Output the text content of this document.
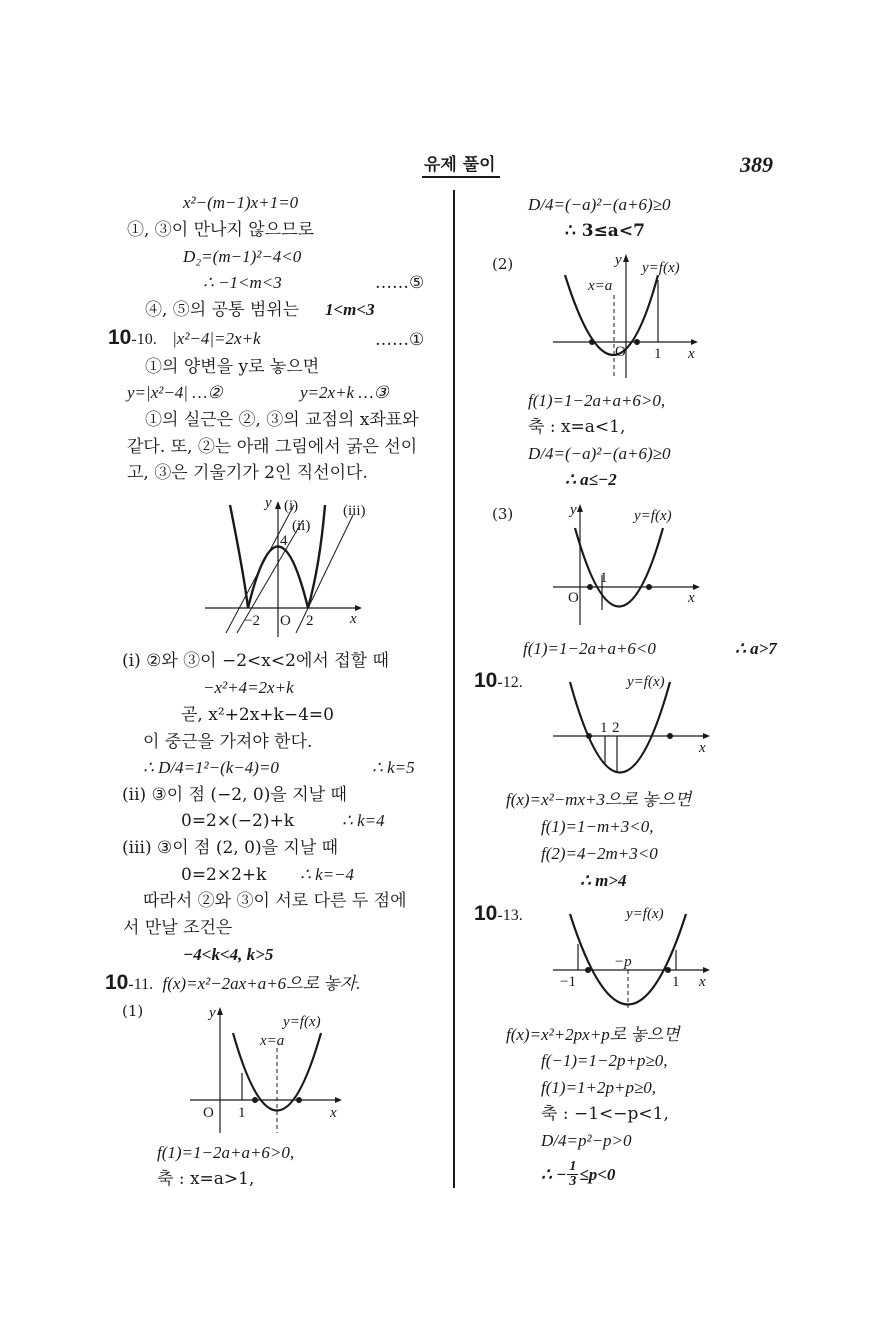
유제 풀이	389
x²−(m−1)x+1=0
①, ③이 만나지 않으므로
D₂=(m−1)²−4<0
∴ −1<m<3	……⑤
④, ⑤의 공통 범위는 1<m<3
10-10. |x²−4|=2x+k	……①
①의 양변을 y로 놓으면
y=|x²−4| …②	y=2x+k …③
①의 실근은 ②, ③의 교점의 x좌표와
같다. 또, ②는 아래 그림에서 굵은 선이
고, ③은 기울기가 2인 직선이다.
y (i)
(ii)
(iii)
4
−2 O 2 x
(i) ②와 ③이 −2<x<2에서 접할 때
−x²+4=2x+k
곧, x²+2x+k−4=0
이 중근을 가져야 한다.
∴ D/4=1²−(k−4)=0	∴ k=5
(ii) ③이 점 (−2, 0)을 지날 때
0=2×(−2)+k	∴ k=4
(iii) ③이 점 (2, 0)을 지날 때
0=2×2+k ∴ k=−4
따라서 ②와 ③이 서로 다른 두 점에
서 만날 조건은
−4<k<4, k>5
10-11. f(x)=x²−2ax+a+6으로 놓자.
(1)	y
y=f(x)
x=a
O 1	x
f(1)=1−2a+a+6>0,
축 : x=a>1,
D/4=(−a)²−(a+6)≥0
∴ 3≤a<7
(2)	y y=f(x)
x=a
O 1 x
f(1)=1−2a+a+6>0,
축 : x=a<1,
D/4=(−a)²−(a+6)≥0
∴ a≤−2
(3)	y	y=f(x)
O
1
x
f(1)=1−2a+a+6<0	∴ a>7
10-12.	y=f(x)
1 2
x
f(x)=x²−mx+3으로 놓으면
f(1)=1−m+3<0,
f(2)=4−2m+3<0
∴ m>4
10-13.	y=f(x)
−p
−1	1 x
f(x)=x²+2px+p로 놓으면
f(−1)=1−2p+p≥0,
f(1)=1+2p+p≥0,
축 : −1<−p<1,
D/4=p²−p>0
∴ − $\frac{1}{3} \le p<0$
